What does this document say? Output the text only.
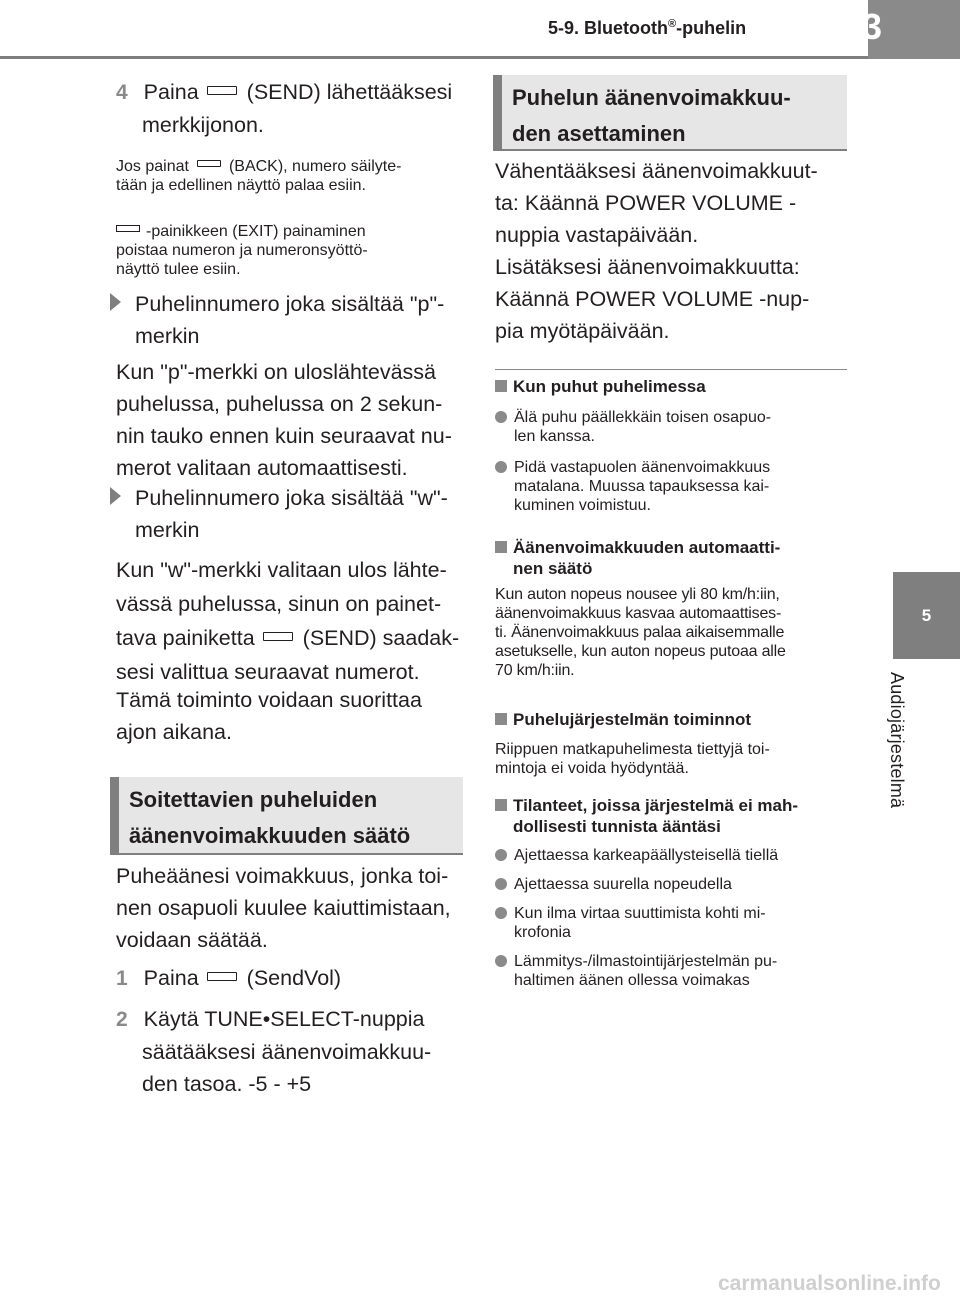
5-9. Bluetooth®-puhelin 403
5
Audiojärjestelmä
4 Paina (SEND) lähettääksesi
merkkijonon.
Jos painat	(BACK), numero säilyte-
tään ja edellinen näyttö palaa esiin.
-painikkeen (EXIT) painaminen
poistaa numeron ja numeronsyöttö-
näyttö tulee esiin.
Puhelinnumero joka sisältää "p"-
merkin
Kun "p"-merkki on uloslähtevässä
puhelussa, puhelussa on 2 sekun-
nin tauko ennen kuin seuraavat nu-
merot valitaan automaattisesti.
Puhelinnumero joka sisältää "w"-
merkin
Kun "w"-merkki valitaan ulos lähte-
vässä puhelussa, sinun on painet-
tava painiketta (SEND) saadak-
sesi valittua seuraavat numerot.
Tämä toiminto voidaan suorittaa
ajon aikana.
Soitettavien puheluiden
äänenvoimakkuuden säätö
Puheäänesi voimakkuus, jonka toi-
nen osapuoli kuulee kaiuttimistaan,
voidaan säätää.
1 Paina (SendVol)
2 Käytä TUNE•SELECT-nuppia
säätääksesi äänenvoimakkuu-
den tasoa. -5 - +5
Puhelun äänenvoimakkuu-
den asettaminen
Vähentääksesi äänenvoimakkuut-
ta: Käännä POWER VOLUME -
nuppia vastapäivään.
Lisätäksesi äänenvoimakkuutta:
Käännä POWER VOLUME -nup-
pia myötäpäivään.
Kun puhut puhelimessa
Älä puhu päällekkäin toisen osapuo-
len kanssa.
Pidä vastapuolen äänenvoimakkuus
matalana. Muussa tapauksessa kai-
kuminen voimistuu.
Äänenvoimakkuuden automaatti-
nen säätö
Kun auton nopeus nousee yli 80 km/h:iin,
äänenvoimakkuus kasvaa automaattises-
ti. Äänenvoimakkuus palaa aikaisemmalle
asetukselle, kun auton nopeus putoaa alle
70 km/h:iin.
Puhelujärjestelmän toiminnot
Riippuen matkapuhelimesta tiettyjä toi-
mintoja ei voida hyödyntää.
Tilanteet, joissa järjestelmä ei mah-
dollisesti tunnista ääntäsi
Ajettaessa karkeapäällysteisellä tiellä
Ajettaessa suurella nopeudella
Kun ilma virtaa suuttimista kohti mi-
krofonia
Lämmitys-/ilmastointijärjestelmän pu-
haltimen äänen ollessa voimakas
carmanualsonline.info
